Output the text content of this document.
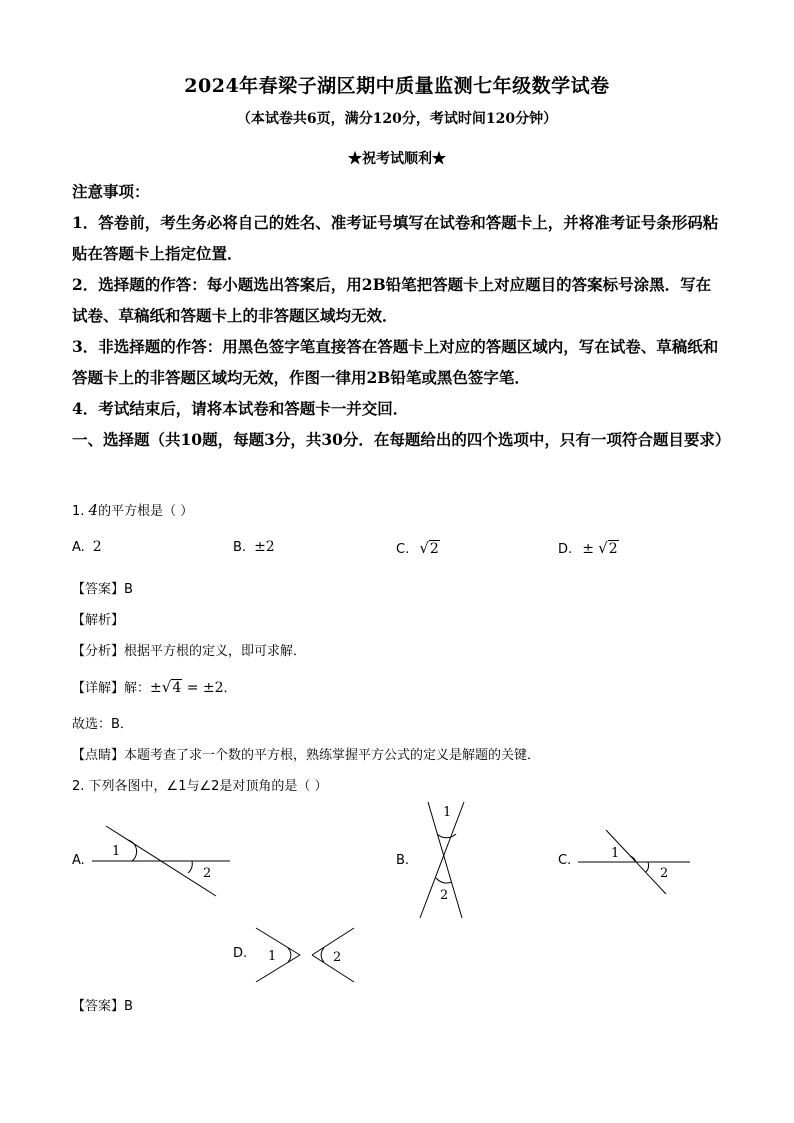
2024年春梁子湖区期中质量监测七年级数学试卷
（本试卷共6页，满分120分，考试时间120分钟）
★祝考试顺利★
注意事项：
1．答卷前，考生务必将自己的姓名、准考证号填写在试卷和答题卡上，并将准考证号条形码粘贴在答题卡上指定位置．
2．选择题的作答：每小题选出答案后，用2B铅笔把答题卡上对应题目的答案标号涂黑．写在试卷、草稿纸和答题卡上的非答题区域均无效．
3．非选择题的作答：用黑色签字笔直接答在答题卡上对应的答题区域内，写在试卷、草稿纸和答题卡上的非答题区域均无效，作图一律用2B铅笔或黑色签字笔．
4．考试结束后，请将本试卷和答题卡一并交回．
一、选择题（共10题，每题3分，共30分．在每题给出的四个选项中，只有一项符合题目要求）
1. 4的平方根是（ ）
A. 2	B. ±2	C. √2	D. ± √2
【答案】B
【解析】
【分析】根据平方根的定义，即可求解．
【详解】解：±√4 = ±2．
故选：B．
【点睛】本题考查了求一个数的平方根，熟练掌握平方公式的定义是解题的关键．
2. 下列各图中，∠1与∠2是对顶角的是（ ）
A.
1
2
B.
1
2
C.	1
2
D. 1	2
【答案】B
